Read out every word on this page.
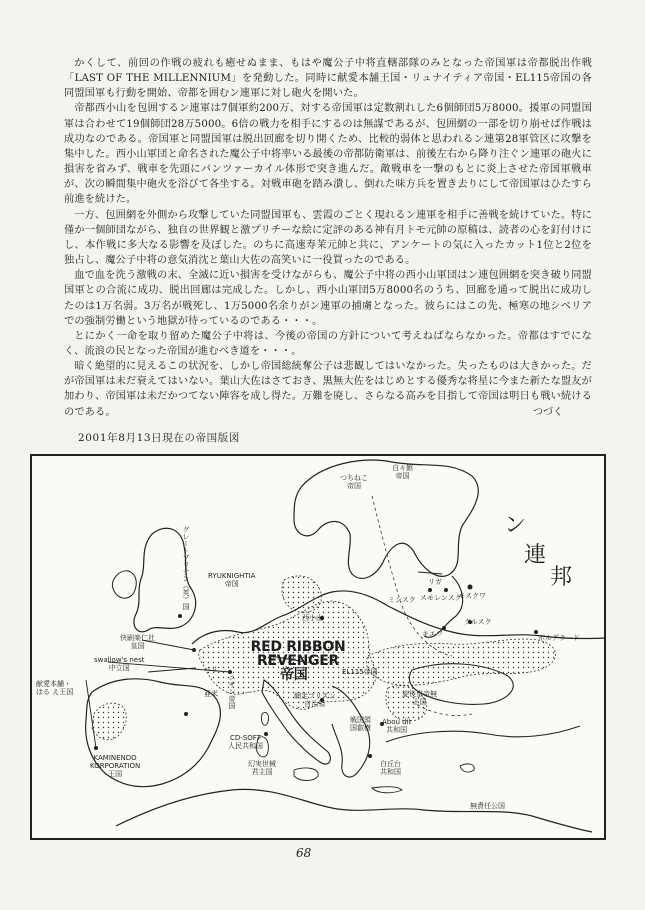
かくして、前回の作戦の疲れも癒せぬまま、もはや魔公子中将直轄部隊のみとなった帝国軍は帝都脱出作戦「LAST OF THE MILLENNIUM」を発動した。同時に献愛本舗王国・リュナイティア帝国・EL115帝国の各同盟国軍も行動を開始、帝都を囲むン連軍に対し砲火を開いた。

帝都西小山を包囲するン連軍は7個軍約200万、対する帝国軍は定数割れした6個師団5万8000。援軍の同盟国軍は合わせて19個師団28万5000。6倍の戦力を相手にするのは無謀であるが、包囲網の一部を切り崩せば作戦は成功なのである。帝国軍と同盟国軍は脱出回廊を切り開くため、比較的弱体と思われるン連第28軍管区に攻撃を集中した。西小山軍団と命名された魔公子中将率いる最後の帝都防衛軍は、前後左右から降り注ぐン連軍の砲火に損害を省みず、戦車を先頭にパンツァーカイル体形で突き進んだ。敵戦車を一撃のもとに炎上させた帝国軍戦車が、次の瞬間集中砲火を浴びて各坐する。対戦車砲を踏み潰し、倒れた味方兵を置き去りにして帝国軍はひたすら前進を続けた。

一方、包囲網を外側から攻撃していた同盟国軍も、雲霞のごとく現れるン連軍を相手に善戦を続けていた。特に僅か一個師団ながら、独自の世界観と激プリチーな絵に定評のある神有月トモ元帥の原稿は、読者の心を釘付けにし、本作戦に多大なる影響を及ぼした。のちに高速寿茉元帥と共に、アンケートの気に入ったカット1位と2位を独占し、魔公子中将の意気消沈と葉山大佐の高笑いに一役買ったのである。

血で血を洗う激戦の末、全滅に近い損害を受けながらも、魔公子中将の西小山軍団はン連包囲網を突き破り同盟国軍との合流に成功、脱出回廊は完成した。しかし、西小山軍団5万8000名のうち、回廊を通って脱出に成功したのは1万名弱。3万名が戦死し、1万5000名余りがン連軍の捕虜となった。彼らにはこの先、極寒の地シベリアでの強制労働という地獄が待っているのである・・・。

とにかく一命を取り留めた魔公子中将は、今後の帝国の方針について考えねばならなかった。帝都はすでになく、流浪の民となった帝国が進むべき道を・・・。

暗く絶望的に見えるこの状況を、しかし帝国総統奪公子は悲観してはいなかった。失ったものは大きかった。だが帝国軍は未だ衰えてはいない。葉山大佐はさておき、黒無大佐をはじめとする優秀な将星に今また新たな盟友が加わり、帝国軍は未だかつてない陣容を成し得た。万難を廃し、さらなる高みを目指して帝国は明日も戦い続けるのである。	つづく
2001年8月13日現在の帝国版図
つちねこ
帝国
白々館
帝国
ン
連
邦
グレートブリテン（英）国	RYUKNIGHTIA
帝国	リガ
ミンスク スモレンスク
モスクワ
西小山
キエフ
クルスク
ボルグラード
快刷楽仁社
皇国
swallow's nest
中立国
献愛本舗・
はる え王国
RED RIBBON
REVENGER
帝国	EL115帝国
パリ
亜米 ニサン帝国	網走プリズン
自治領
旋後皇帝無
王国
戦国領
国叡樹
Abou dit
共和国
KAMINENDO
KORPORATION
王国
CD-SOFT
人民共和国
幻実世械
君主国
白丘台
共和国
無責任公国
68
